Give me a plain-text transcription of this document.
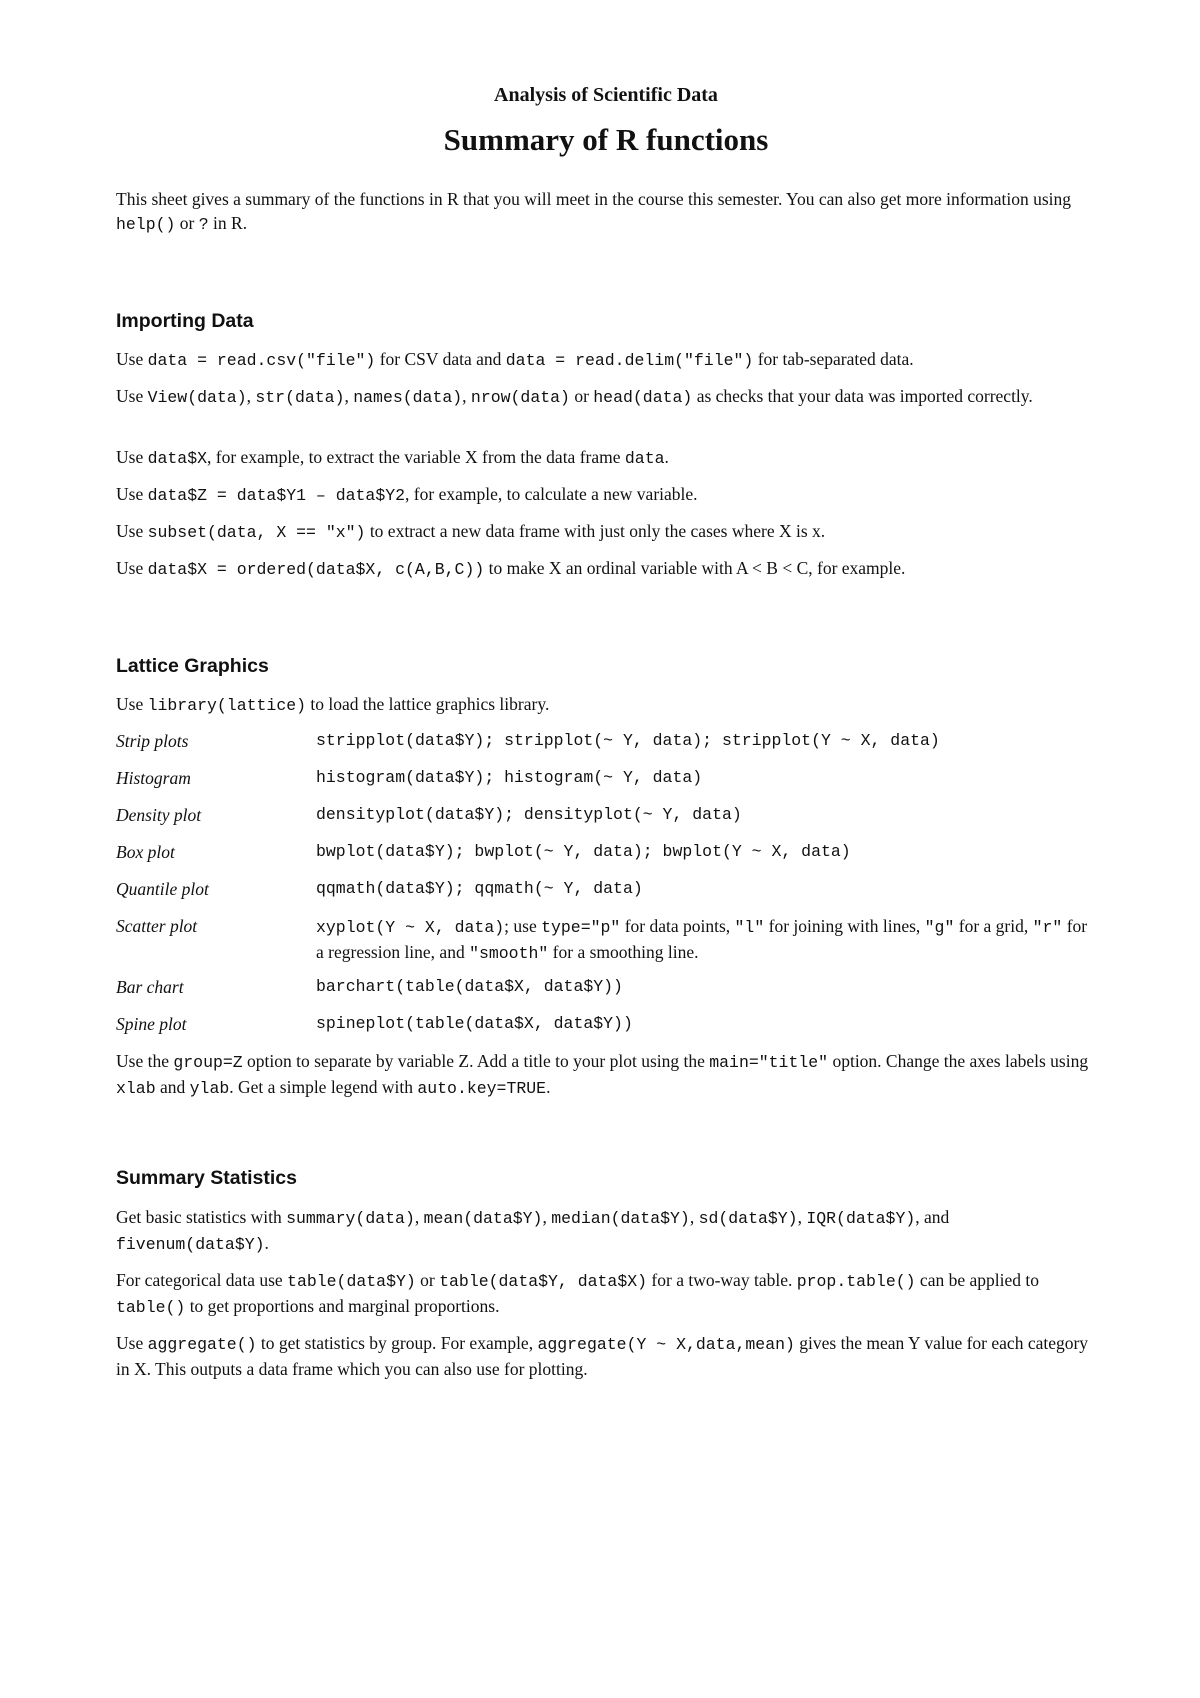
Analysis of Scientific Data
Summary of R functions
This sheet gives a summary of the functions in R that you will meet in the course this semester. You can also get more information using help() or ? in R.
Importing Data
Use data = read.csv("file") for CSV data and data = read.delim("file") for tab-separated data.
Use View(data), str(data), names(data), nrow(data) or head(data) as checks that your data was imported correctly.
Use data$X, for example, to extract the variable X from the data frame data.
Use data$Z = data$Y1 – data$Y2, for example, to calculate a new variable.
Use subset(data, X == "x") to extract a new data frame with just only the cases where X is x.
Use data$X = ordered(data$X, c(A,B,C)) to make X an ordinal variable with A < B < C, for example.
Lattice Graphics
Use library(lattice) to load the lattice graphics library.
Strip plots	stripplot(data$Y); stripplot(~ Y, data); stripplot(Y ~ X, data)
Histogram	histogram(data$Y); histogram(~ Y, data)
Density plot	densityplot(data$Y); densityplot(~ Y, data)
Box plot	bwplot(data$Y); bwplot(~ Y, data); bwplot(Y ~ X, data)
Quantile plot	qqmath(data$Y); qqmath(~ Y, data)
Scatter plot	xyplot(Y ~ X, data); use type="p" for data points, "l" for joining with lines, "g" for a grid, "r" for a regression line, and "smooth" for a smoothing line.
Bar chart	barchart(table(data$X, data$Y))
Spine plot	spineplot(table(data$X, data$Y))
Use the group=Z option to separate by variable Z. Add a title to your plot using the main="title" option. Change the axes labels using xlab and ylab. Get a simple legend with auto.key=TRUE.
Summary Statistics
Get basic statistics with summary(data), mean(data$Y), median(data$Y), sd(data$Y), IQR(data$Y), and fivenum(data$Y).
For categorical data use table(data$Y) or table(data$Y, data$X) for a two-way table. prop.table() can be applied to table() to get proportions and marginal proportions.
Use aggregate() to get statistics by group. For example, aggregate(Y ~ X,data,mean) gives the mean Y value for each category in X. This outputs a data frame which you can also use for plotting.
